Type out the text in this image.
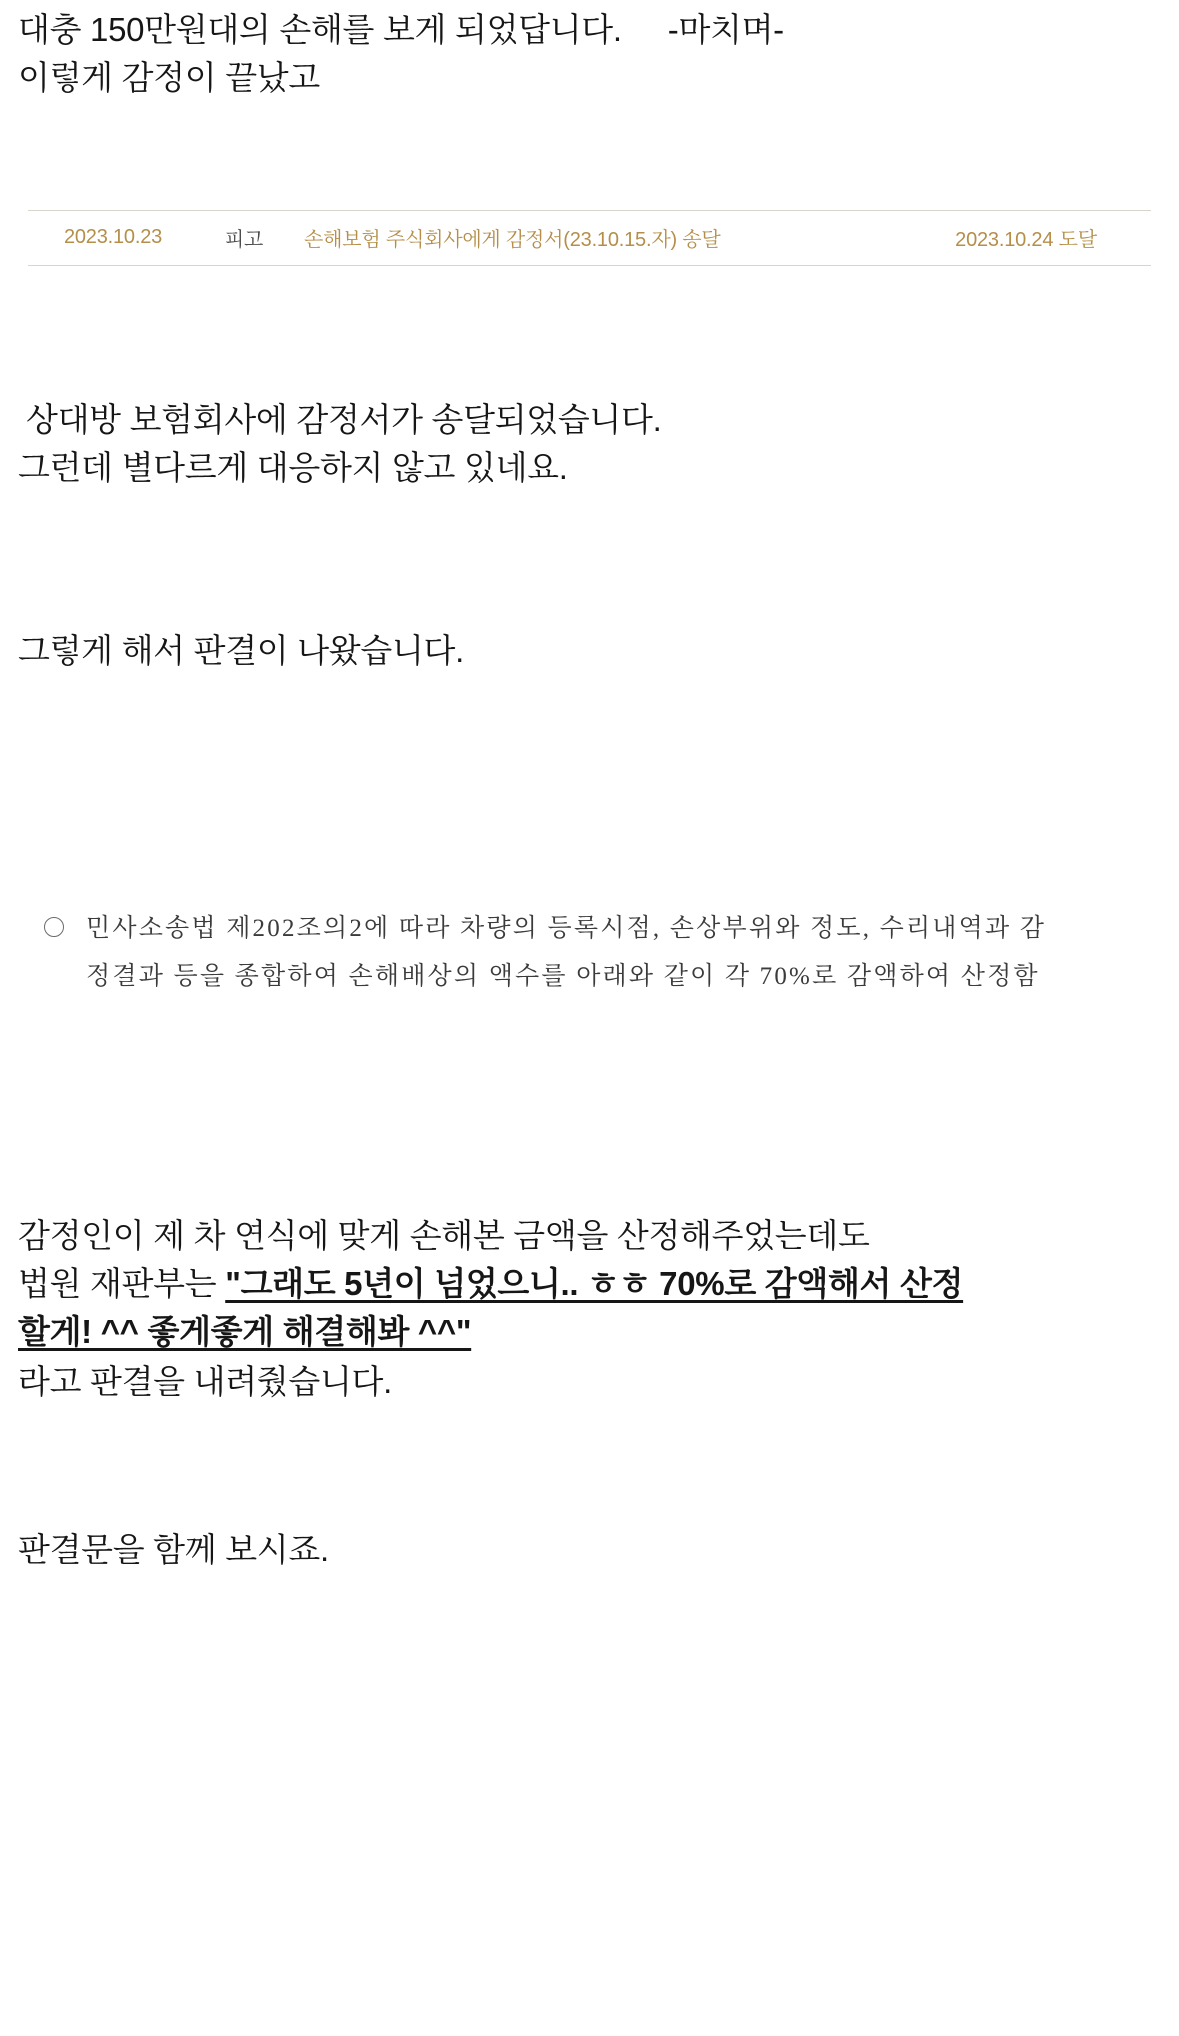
대충 150만원대의 손해를 보게 되었답니다. -마치며-
이렇게 감정이 끝났고
2023.10.23	피고	손해보험 주식회사에게 감정서(23.10.15.자) 송달	2023.10.24 도달
상대방 보험회사에 감정서가 송달되었습니다.
그런데 별다르게 대응하지 않고 있네요.
그렇게 해서 판결이 나왔습니다.
민사소송법 제202조의2에 따라 차량의 등록시점, 손상부위와 정도, 수리내역과 감
정결과 등을 종합하여 손해배상의 액수를 아래와 같이 각 70%로 감액하여 산정함
감정인이 제 차 연식에 맞게 손해본 금액을 산정해주었는데도
법원 재판부는 "그래도 5년이 넘었으니.. ㅎㅎ 70%로 감액해서 산정
할게! ^^ 좋게좋게 해결해봐 ^^"
라고 판결을 내려줬습니다.
판결문을 함께 보시죠.
